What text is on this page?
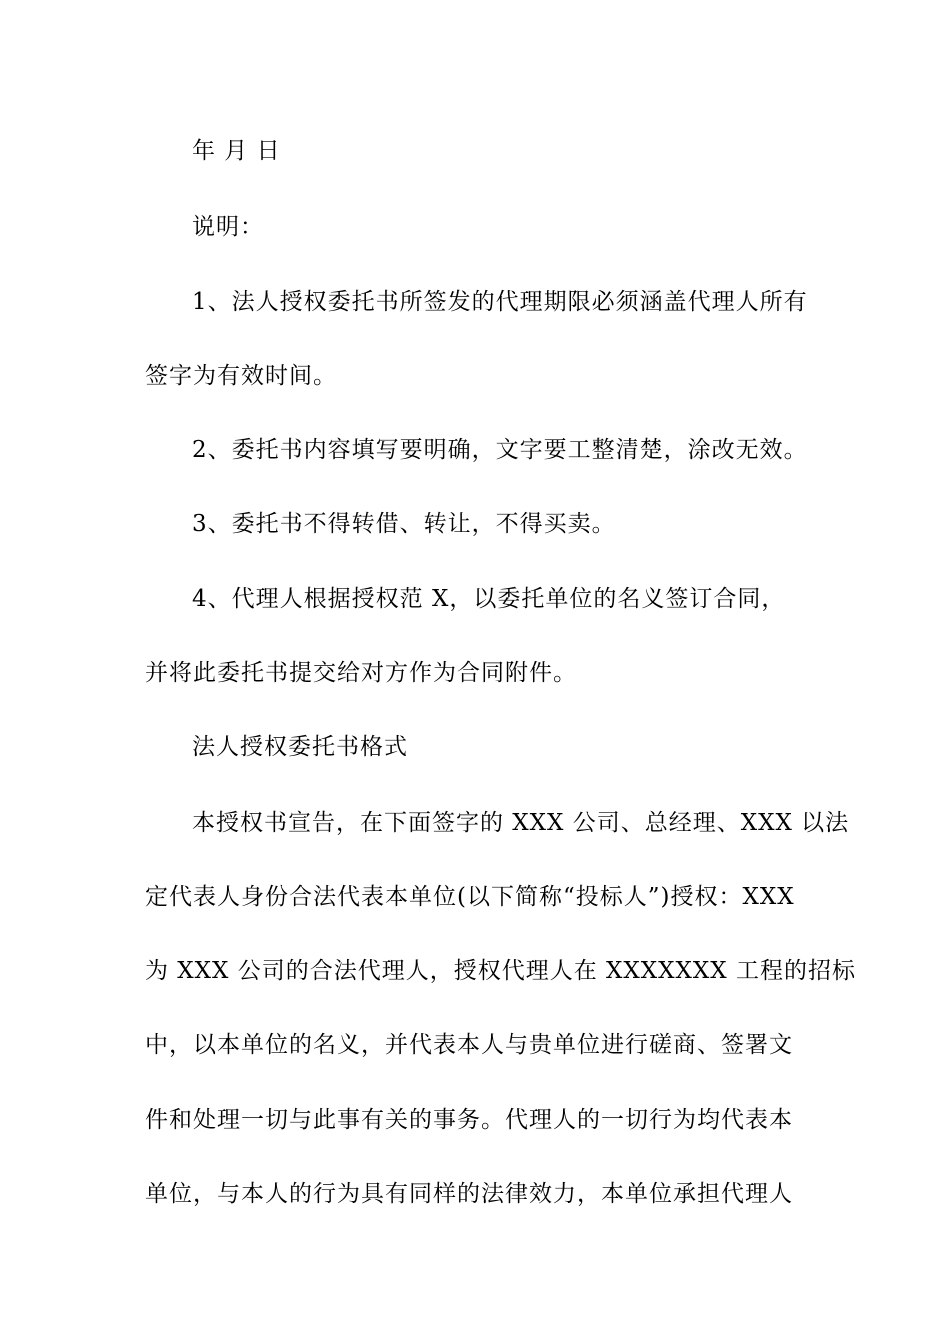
年 月 日
说明：
1、法人授权委托书所签发的代理期限必须涵盖代理人所有
签字为有效时间。
2、委托书内容填写要明确，文字要工整清楚，涂改无效。
3、委托书不得转借、转让，不得买卖。
4、代理人根据授权范 X，以委托单位的名义签订合同，
并将此委托书提交给对方作为合同附件。
法人授权委托书格式
本授权书宣告，在下面签字的 XXX 公司、总经理、XXX 以法
定代表人身份合法代表本单位(以下简称“投标人”)授权：XXX
为 XXX 公司的合法代理人，授权代理人在 XXXXXXX 工程的招标
中，以本单位的名义，并代表本人与贵单位进行磋商、签署文
件和处理一切与此事有关的事务。代理人的一切行为均代表本
单位，与本人的行为具有同样的法律效力，本单位承担代理人
